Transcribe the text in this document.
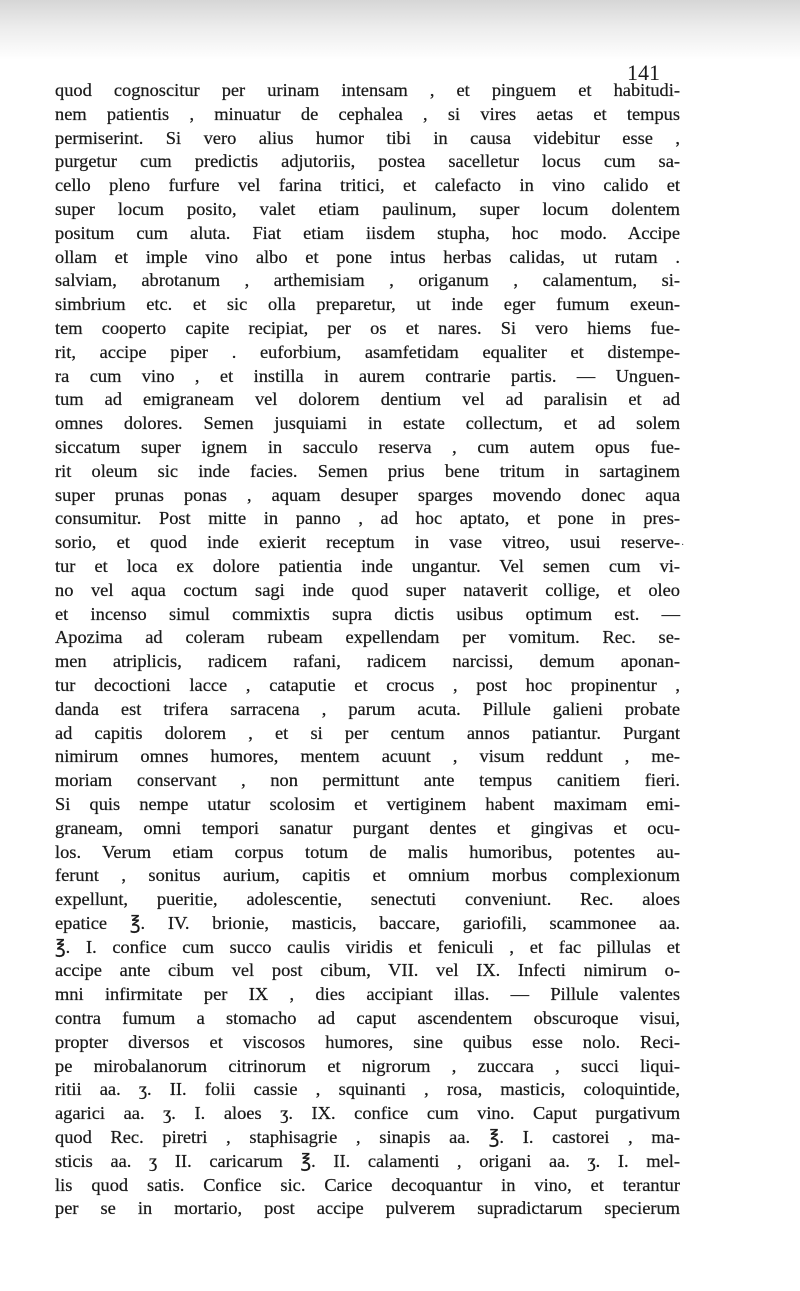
141
quod cognoscitur per urinam intensam , et pinguem et habitudi-
nem patientis , minuatur de cephalea , si vires aetas et tempus
permiserint. Si vero alius humor tibi in causa videbitur esse ,
purgetur cum predictis adjutoriis, postea sacelletur locus cum sa-
cello pleno furfure vel farina tritici, et calefacto in vino calido et
super locum posito, valet etiam paulinum, super locum dolentem
positum cum aluta. Fiat etiam iisdem stupha, hoc modo. Accipe
ollam et imple vino albo et pone intus herbas calidas, ut rutam .
salviam, abrotanum , arthemisiam , origanum , calamentum, si-
simbrium etc. et sic olla preparetur, ut inde eger fumum exeun-
tem cooperto capite recipiat, per os et nares. Si vero hiems fue-
rit, accipe piper . euforbium, asamfetidam equaliter et distempe-
ra cum vino , et instilla in aurem contrarie partis. — Unguen-
tum ad emigraneam vel dolorem dentium vel ad paralisin et ad
omnes dolores. Semen jusquiami in estate collectum, et ad solem
siccatum super ignem in sacculo reserva , cum autem opus fue-
rit oleum sic inde facies. Semen prius bene tritum in sartaginem
super prunas ponas , aquam desuper sparges movendo donec aqua
consumitur. Post mitte in panno , ad hoc aptato, et pone in pres-
sorio, et quod inde exierit receptum in vase vitreo, usui reserve-
tur et loca ex dolore patientia inde ungantur. Vel semen cum vi-
no vel aqua coctum sagi inde quod super nataverit collige, et oleo
et incenso simul commixtis supra dictis usibus optimum est. —
Apozima ad coleram rubeam expellendam per vomitum. Rec. se-
men atriplicis, radicem rafani, radicem narcissi, demum aponan-
tur decoctioni lacce , cataputie et crocus , post hoc propinentur ,
danda est trifera sarracena , parum acuta. Pillule galieni probate
ad capitis dolorem , et si per centum annos patiantur. Purgant
nimirum omnes humores, mentem acuunt , visum reddunt , me-
moriam conservant , non permittunt ante tempus canitiem fieri.
Si quis nempe utatur scolosim et vertiginem habent maximam emi-
graneam, omni tempori sanatur purgant dentes et gingivas et ocu-
los. Verum etiam corpus totum de malis humoribus, potentes au-
ferunt , sonitus aurium, capitis et omnium morbus complexionum
expellunt, pueritie, adolescentie, senectuti conveniunt. Rec. aloes
epatice ℥. IV. brionie, masticis, baccare, gariofili, scammonee aa.
℥. I. confice cum succo caulis viridis et feniculi , et fac pillulas et
accipe ante cibum vel post cibum, VII. vel IX. Infecti nimirum o-
mni infirmitate per IX , dies accipiant illas. — Pillule valentes
contra fumum a stomacho ad caput ascendentem obscuroque visui,
propter diversos et viscosos humores, sine quibus esse nolo. Reci-
pe mirobalanorum citrinorum et nigrorum , zuccara , succi liqui-
ritii aa. ʒ. II. folii cassie , squinanti , rosa, masticis, coloquintide,
agarici aa. ʒ. I. aloes ʒ. IX. confice cum vino. Caput purgativum
quod Rec. piretri , staphisagrie , sinapis aa. ℥. I. castorei , ma-
sticis aa. ʒ II. caricarum ℥. II. calamenti , origani aa. ʒ. I. mel-
lis quod satis. Confice sic. Carice decoquantur in vino, et terantur
per se in mortario, post accipe pulverem supradictarum specierum
·
